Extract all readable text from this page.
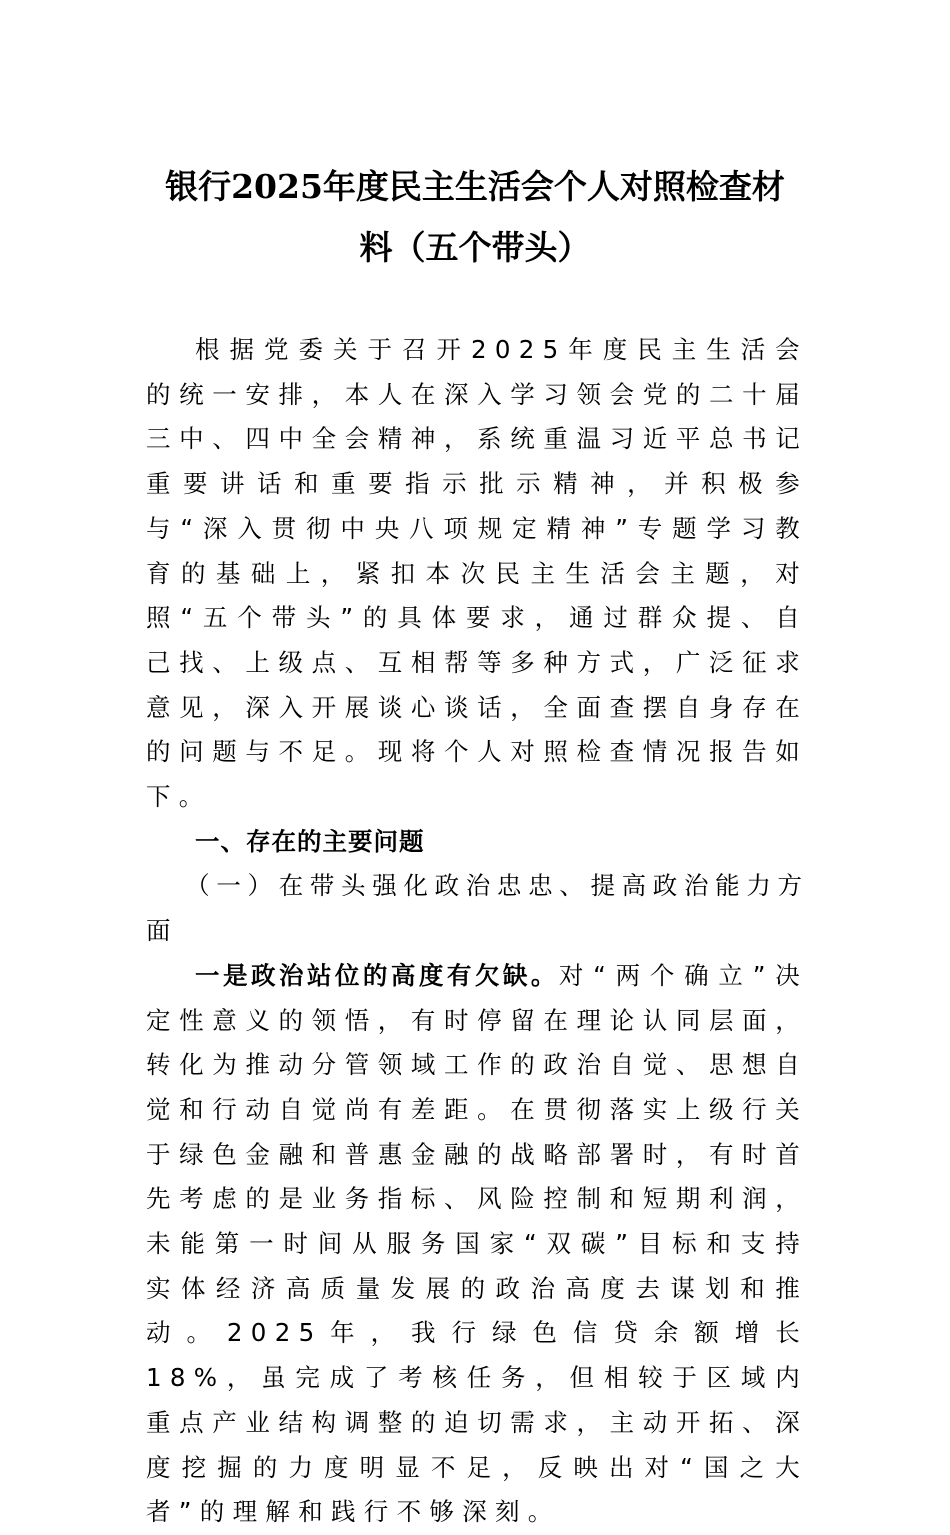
银行2025年度民主生活会个人对照检查材
料（五个带头）

根据党委关于召开2025年度民主生活会的统一安排，本人在深入学习领会党的二十届三中、四中全会精神，系统重温习近平总书记重要讲话和重要指示批示精神，并积极参与“深入贯彻中央八项规定精神”专题学习教育的基础上，紧扣本次民主生活会主题，对照“五个带头”的具体要求，通过群众提、自己找、上级点、互相帮等多种方式，广泛征求意见，深入开展谈心谈话，全面查摆自身存在的问题与不足。现将个人对照检查情况报告如下。

一、存在的主要问题

（一）在带头强化政治忠忠、提高政治能力方面

一是政治站位的高度有欠缺。对“两个确立”决定性意义的领悟，有时停留在理论认同层面，转化为推动分管领域工作的政治自觉、思想自觉和行动自觉尚有差距。在贯彻落实上级行关于绿色金融和普惠金融的战略部署时，有时首先考虑的是业务指标、风险控制和短期利润，未能第一时间从服务国家“双碳”目标和支持实体经济高质量发展的政治高度去谋划和推动。2025年，我行绿色信贷余额增长18%，虽完成了考核任务，但相较于区域内重点产业结构调整的迫切需求，主动开拓、深度挖掘的力度明显不足，反映出对“国之大者”的理解和践行不够深刻。
